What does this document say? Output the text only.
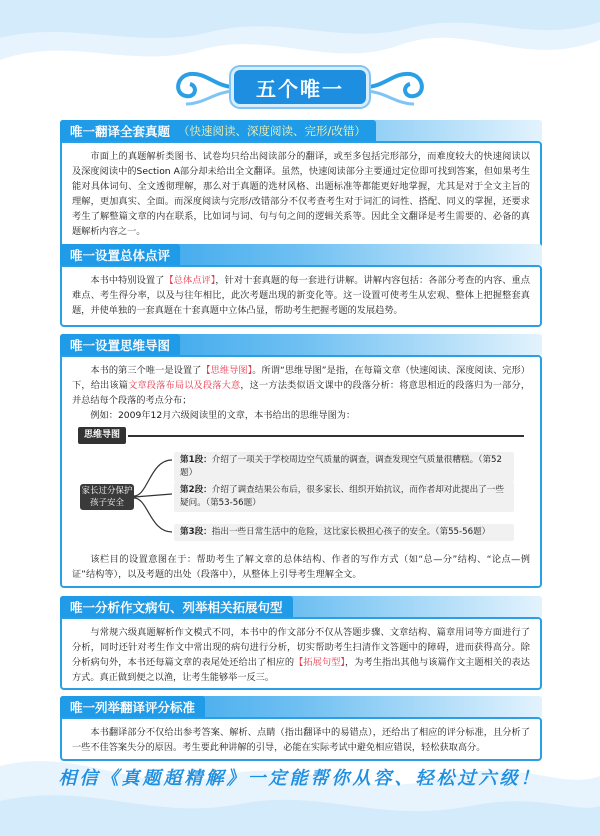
五个唯一
唯一翻译全套真题 （快速阅读、深度阅读、完形/改错）

市面上的真题解析类图书、试卷均只给出阅读部分的翻译，或至多包括完形部分，而难度较大的快速阅读以及深度阅读中的Section A部分却未给出全文翻译。虽然，快速阅读部分主要通过定位即可找到答案，但如果考生能对具体词句、全文透彻理解，那么对于真题的选材风格、出题标准等都能更好地掌握，尤其是对于全文主旨的理解，更加真实、全面。而深度阅读与完形/改错部分不仅考查考生对于词汇的词性、搭配、同义的掌握，还要求考生了解整篇文章的内在联系，比如词与词、句与句之间的逻辑关系等。因此全文翻译是考生需要的、必备的真题解析内容之一。

唯一设置总体点评

本书中特别设置了【总体点评】，针对十套真题的每一套进行讲解。讲解内容包括：各部分考查的内容、重点难点、考生得分率，以及与往年相比，此次考题出现的新变化等。这一设置可使考生从宏观、整体上把握整套真题，并使单独的一套真题在十套真题中立体凸显，帮助考生把握考题的发展趋势。

唯一设置思维导图

本书的第三个唯一是设置了【思维导图】。所谓“思维导图”是指，在每篇文章（快速阅读、深度阅读、完形）下，给出该篇文章段落布局以及段落大意，这一方法类似语文课中的段落分析：将意思相近的段落归为一部分，并总结每个段落的考点分布；

例如：2009年12月六级阅读里的文章，本书给出的思维导图为：

思维导图
家长过分保护孩子安全
第1段：介绍了一项关于学校周边空气质量的调查，调查发现空气质量很糟糕。（第52题）
第2段：介绍了调查结果公布后，很多家长、组织开始抗议，而作者却对此提出了一些疑问。（第53-56题）
第3段：指出一些日常生活中的危险，这比家长极担心孩子的安全。（第55-56题）

该栏目的设置意图在于：帮助考生了解文章的总体结构、作者的写作方式（如“总—分”结构、“论点—例证”结构等），以及考题的出处（段落中），从整体上引导考生理解全文。

唯一分析作文病句、列举相关拓展句型

与常规六级真题解析作文模式不同，本书中的作文部分不仅从答题步骤、文章结构、篇章用词等方面进行了分析，同时还针对考生作文中常出现的病句进行分析，切实帮助考生扫清作文答题中的障碍，进而获得高分。除分析病句外，本书还每篇文章的表尾处还给出了相应的【拓展句型】，为考生指出其他与该篇作文主题相关的表达方式。真正做到便之以渔，让考生能够举一反三。

唯一列举翻译评分标准

本书翻译部分不仅给出参考答案、解析、点睛（指出翻译中的易错点），还给出了相应的评分标准，且分析了一些不佳答案失分的原因。考生要此种讲解的引导，必能在实际考试中避免相应错误，轻松获取高分。

相信《真题超精解》一定能帮你从容、轻松过六级！
